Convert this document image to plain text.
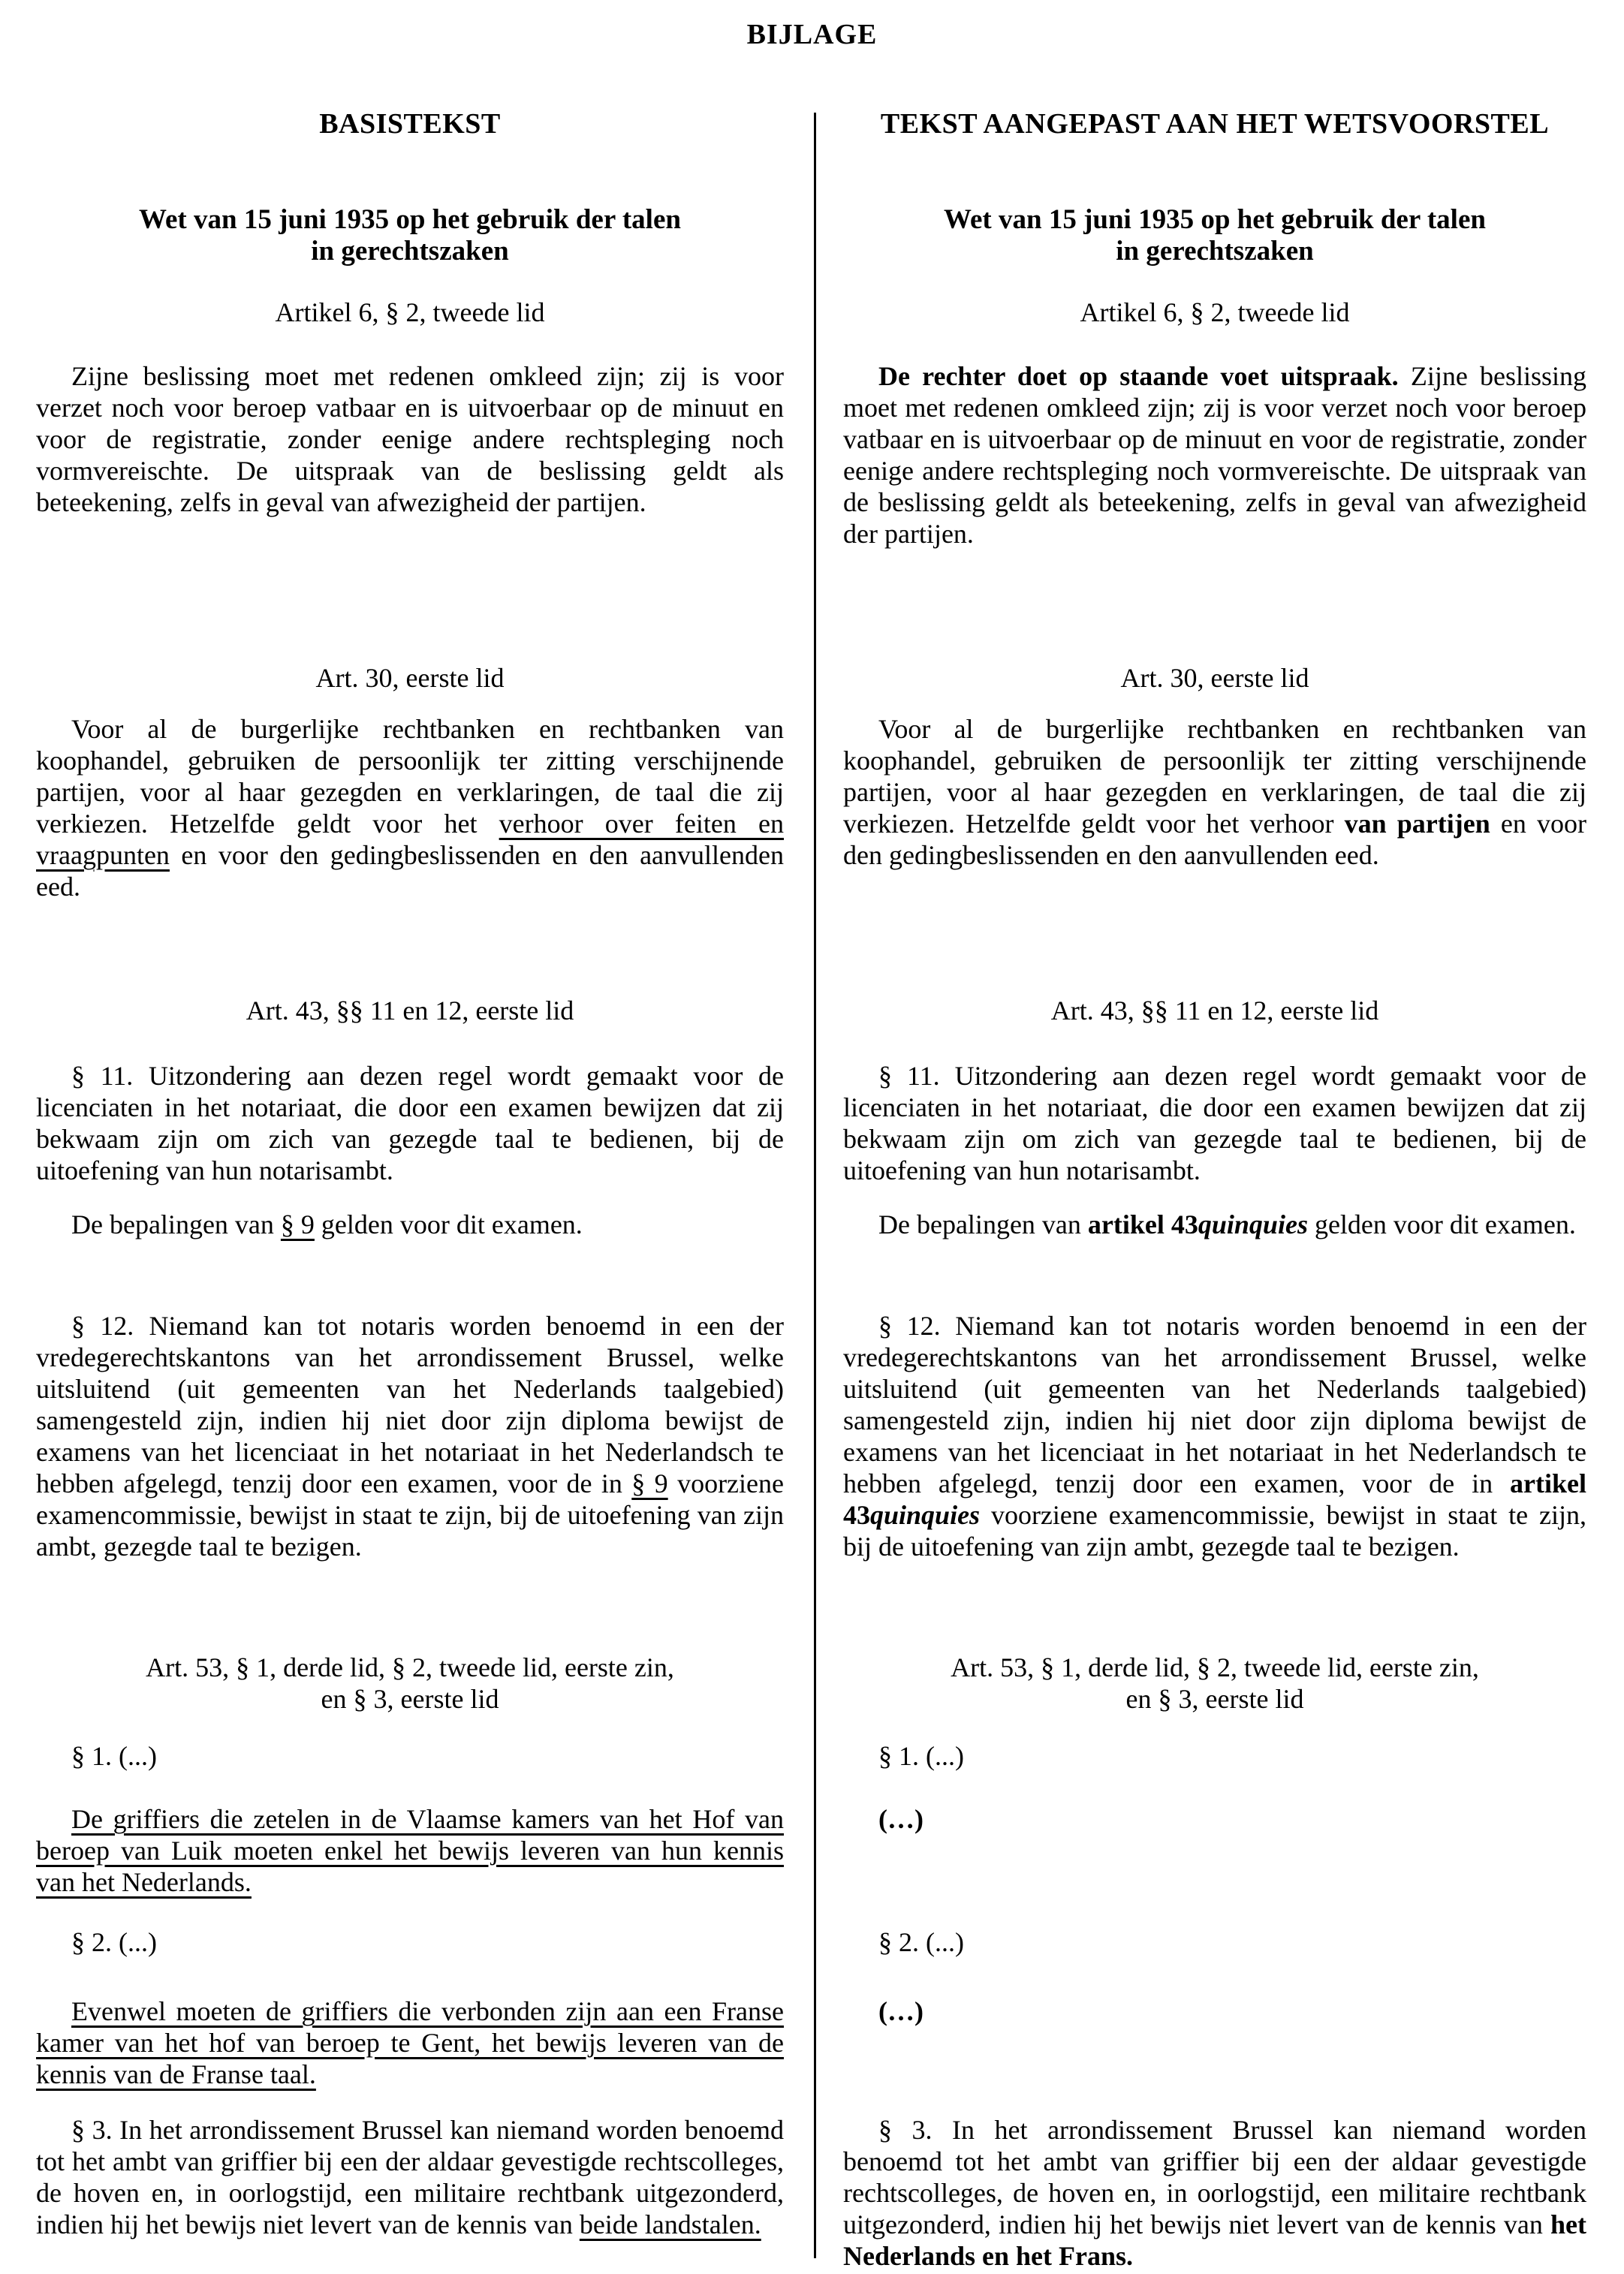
BIJLAGE
BASISTEKST	TEKST AANGEPAST AAN HET WETSVOORSTEL
Wet van 15 juni 1935 op het gebruik der talen
in gerechtszaken
Artikel 6, § 2, tweede lid

Zijne beslissing moet met redenen omkleed zijn; zij is voor verzet noch voor beroep vatbaar en is uitvoerbaar op de minuut en voor de registratie, zonder eenige andere rechtspleging noch vormvereischte. De uitspraak van de beslissing geldt als beteekening, zelfs in geval van afwezigheid der partijen.

Art. 30, eerste lid

Voor al de burgerlijke rechtbanken en rechtbanken van koophandel, gebruiken de persoonlijk ter zitting verschijnende partijen, voor al haar gezegden en verklaringen, de taal die zij verkiezen. Hetzelfde geldt voor het verhoor over feiten en vraagpunten en voor den gedingbeslissenden en den aanvullenden eed.

Art. 43, §§ 11 en 12, eerste lid

§ 11. Uitzondering aan dezen regel wordt gemaakt voor de licenciaten in het notariaat, die door een examen bewijzen dat zij bekwaam zijn om zich van gezegde taal te bedienen, bij de uitoefening van hun notarisambt.

De bepalingen van § 9 gelden voor dit examen.

§ 12. Niemand kan tot notaris worden benoemd in een der vredegerechtskantons van het arrondissement Brussel, welke uitsluitend (uit gemeenten van het Nederlands taalgebied) samengesteld zijn, indien hij niet door zijn diploma bewijst de examens van het licenciaat in het notariaat in het Nederlandsch te hebben afgelegd, tenzij door een examen, voor de in § 9 voorziene examencommissie, bewijst in staat te zijn, bij de uitoefening van zijn ambt, gezegde taal te bezigen.

Art. 53, § 1, derde lid, § 2, tweede lid, eerste zin,
en § 3, eerste lid

§ 1. (...)

De griffiers die zetelen in de Vlaamse kamers van het Hof van beroep van Luik moeten enkel het bewijs leveren van hun kennis van het Nederlands.

§ 2. (...)

Evenwel moeten de griffiers die verbonden zijn aan een Franse kamer van het hof van beroep te Gent, het bewijs leveren van de kennis van de Franse taal.

§ 3. In het arrondissement Brussel kan niemand worden benoemd tot het ambt van griffier bij een der aldaar gevestigde rechtscolleges, de hoven en, in oorlogstijd, een militaire rechtbank uitgezonderd, indien hij het bewijs niet levert van de kennis van beide landstalen.

Wet van 15 juni 1935 op het gebruik der talen
in gerechtszaken
Artikel 6, § 2, tweede lid

De rechter doet op staande voet uitspraak. Zijne beslissing moet met redenen omkleed zijn; zij is voor verzet noch voor beroep vatbaar en is uitvoerbaar op de minuut en voor de registratie, zonder eenige andere rechtspleging noch vormvereischte. De uitspraak van de beslissing geldt als beteekening, zelfs in geval van afwezigheid der partijen.

Art. 30, eerste lid

Voor al de burgerlijke rechtbanken en rechtbanken van koophandel, gebruiken de persoonlijk ter zitting verschijnende partijen, voor al haar gezegden en verklaringen, de taal die zij verkiezen. Hetzelfde geldt voor het verhoor van partijen en voor den gedingbeslissenden en den aanvullenden eed.

Art. 43, §§ 11 en 12, eerste lid

§ 11. Uitzondering aan dezen regel wordt gemaakt voor de licenciaten in het notariaat, die door een examen bewijzen dat zij bekwaam zijn om zich van gezegde taal te bedienen, bij de uitoefening van hun notarisambt.

De bepalingen van artikel 43quinquies gelden voor dit examen.

§ 12. Niemand kan tot notaris worden benoemd in een der vredegerechtskantons van het arrondissement Brussel, welke uitsluitend (uit gemeenten van het Nederlands taalgebied) samengesteld zijn, indien hij niet door zijn diploma bewijst de examens van het licenciaat in het notariaat in het Nederlandsch te hebben afgelegd, tenzij door een examen, voor de in artikel 43quinquies voorziene examencommissie, bewijst in staat te zijn, bij de uitoefening van zijn ambt, gezegde taal te bezigen.

Art. 53, § 1, derde lid, § 2, tweede lid, eerste zin,
en § 3, eerste lid

§ 1. (...)

(…)

§ 2. (...)

(…)

§ 3. In het arrondissement Brussel kan niemand worden benoemd tot het ambt van griffier bij een der aldaar gevestigde rechtscolleges, de hoven en, in oorlogstijd, een militaire rechtbank uitgezonderd, indien hij het bewijs niet levert van de kennis van het Nederlands en het Frans.
